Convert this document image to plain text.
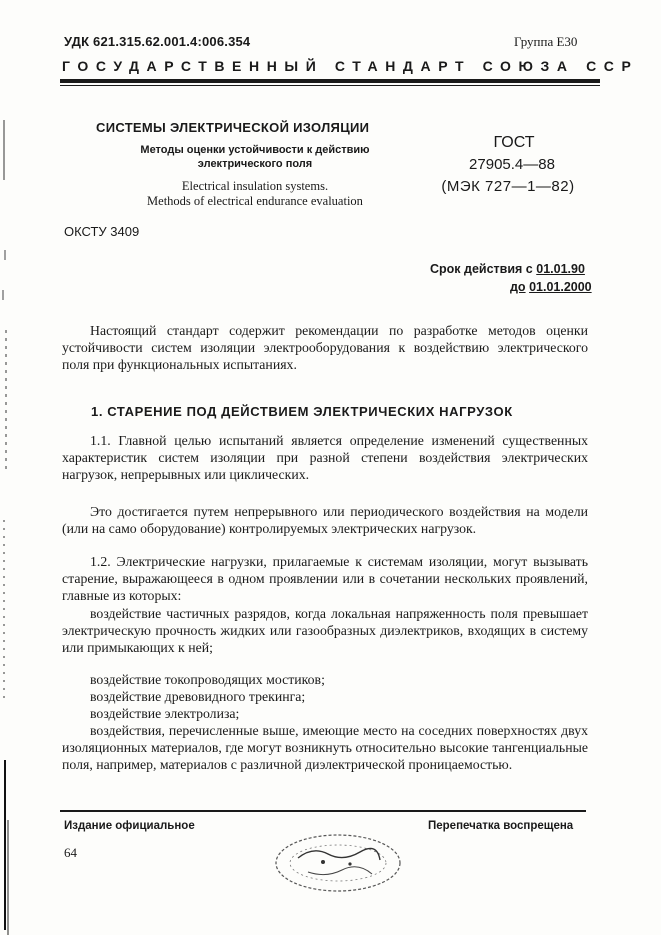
УДК 621.315.62.001.4:006.354	Группа Е30
ГОСУДАРСТВЕННЫЙ СТАНДАРТ СОЮЗА ССР
СИСТЕМЫ ЭЛЕКТРИЧЕСКОЙ ИЗОЛЯЦИИ
Методы оценки устойчивости к действию
электрического поля
Electrical insulation systems.
Methods of electrical endurance evaluation
ГОСТ
27905.4—88
(МЭК 727—1—82)
ОКСТУ 3409
Срок действия с 01.01.90
до 01.01.2000
Настоящий стандарт содержит рекомендации по разработке методов оценки устойчивости систем изоляции электрооборудования к воздействию электрического поля при функциональных испытаниях.
1. СТАРЕНИЕ ПОД ДЕЙСТВИЕМ ЭЛЕКТРИЧЕСКИХ НАГРУЗОК
1.1. Главной целью испытаний является определение изменений существенных характеристик систем изоляции при разной степени воздействия электрических нагрузок, непрерывных или циклических.
Это достигается путем непрерывного или периодического воздействия на модели (или на само оборудование) контролируемых электрических нагрузок.
1.2. Электрические нагрузки, прилагаемые к системам изоляции, могут вызывать старение, выражающееся в одном проявлении или в сочетании нескольких проявлений, главные из которых:
воздействие частичных разрядов, когда локальная напряженность поля превышает электрическую прочность жидких или газообразных диэлектриков, входящих в систему или примыкающих к ней;
воздействие токопроводящих мостиков;
воздействие древовидного трекинга;
воздействие электролиза;
воздействия, перечисленные выше, имеющие место на соседних поверхностях двух изоляционных материалов, где могут возникнуть относительно высокие тангенциальные поля, например, материалов с различной диэлектрической проницаемостью.
Издание официальное	Перепечатка воспрещена
64
